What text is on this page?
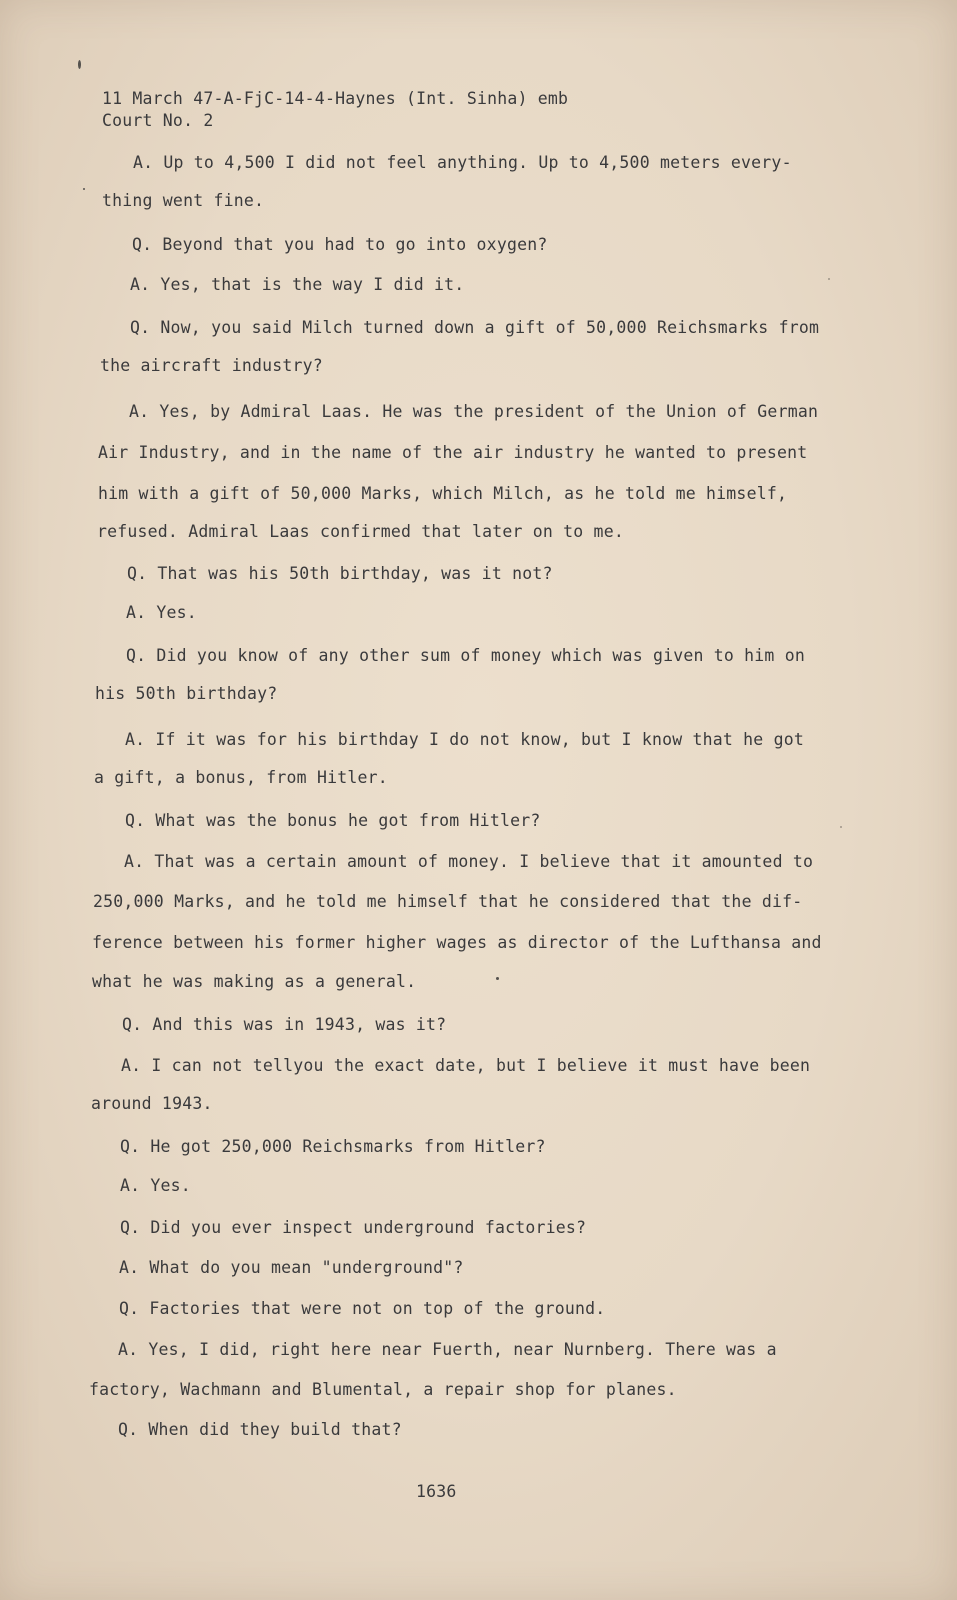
11 March 47-A-FjC-14-4-Haynes (Int. Sinha) emb
Court No. 2
A. Up to 4,500 I did not feel anything. Up to 4,500 meters every-
thing went fine.
Q. Beyond that you had to go into oxygen?
A. Yes, that is the way I did it.
Q. Now, you said Milch turned down a gift of 50,000 Reichsmarks from
the aircraft industry?
A. Yes, by Admiral Laas. He was the president of the Union of German
Air Industry, and in the name of the air industry he wanted to present
him with a gift of 50,000 Marks, which Milch, as he told me himself,
refused. Admiral Laas confirmed that later on to me.
Q. That was his 50th birthday, was it not?
A. Yes.
Q. Did you know of any other sum of money which was given to him on
his 50th birthday?
A. If it was for his birthday I do not know, but I know that he got
a gift, a bonus, from Hitler.
Q. What was the bonus he got from Hitler?
A. That was a certain amount of money. I believe that it amounted to
250,000 Marks, and he told me himself that he considered that the dif-
ference between his former higher wages as director of the Lufthansa and
what he was making as a general.
Q. And this was in 1943, was it?
A. I can not tellyou the exact date, but I believe it must have been
around 1943.
Q. He got 250,000 Reichsmarks from Hitler?
A. Yes.
Q. Did you ever inspect underground factories?
A. What do you mean "underground"?
Q. Factories that were not on top of the ground.
A. Yes, I did, right here near Fuerth, near Nurnberg. There was a
factory, Wachmann and Blumental, a repair shop for planes.
Q. When did they build that?
1636
